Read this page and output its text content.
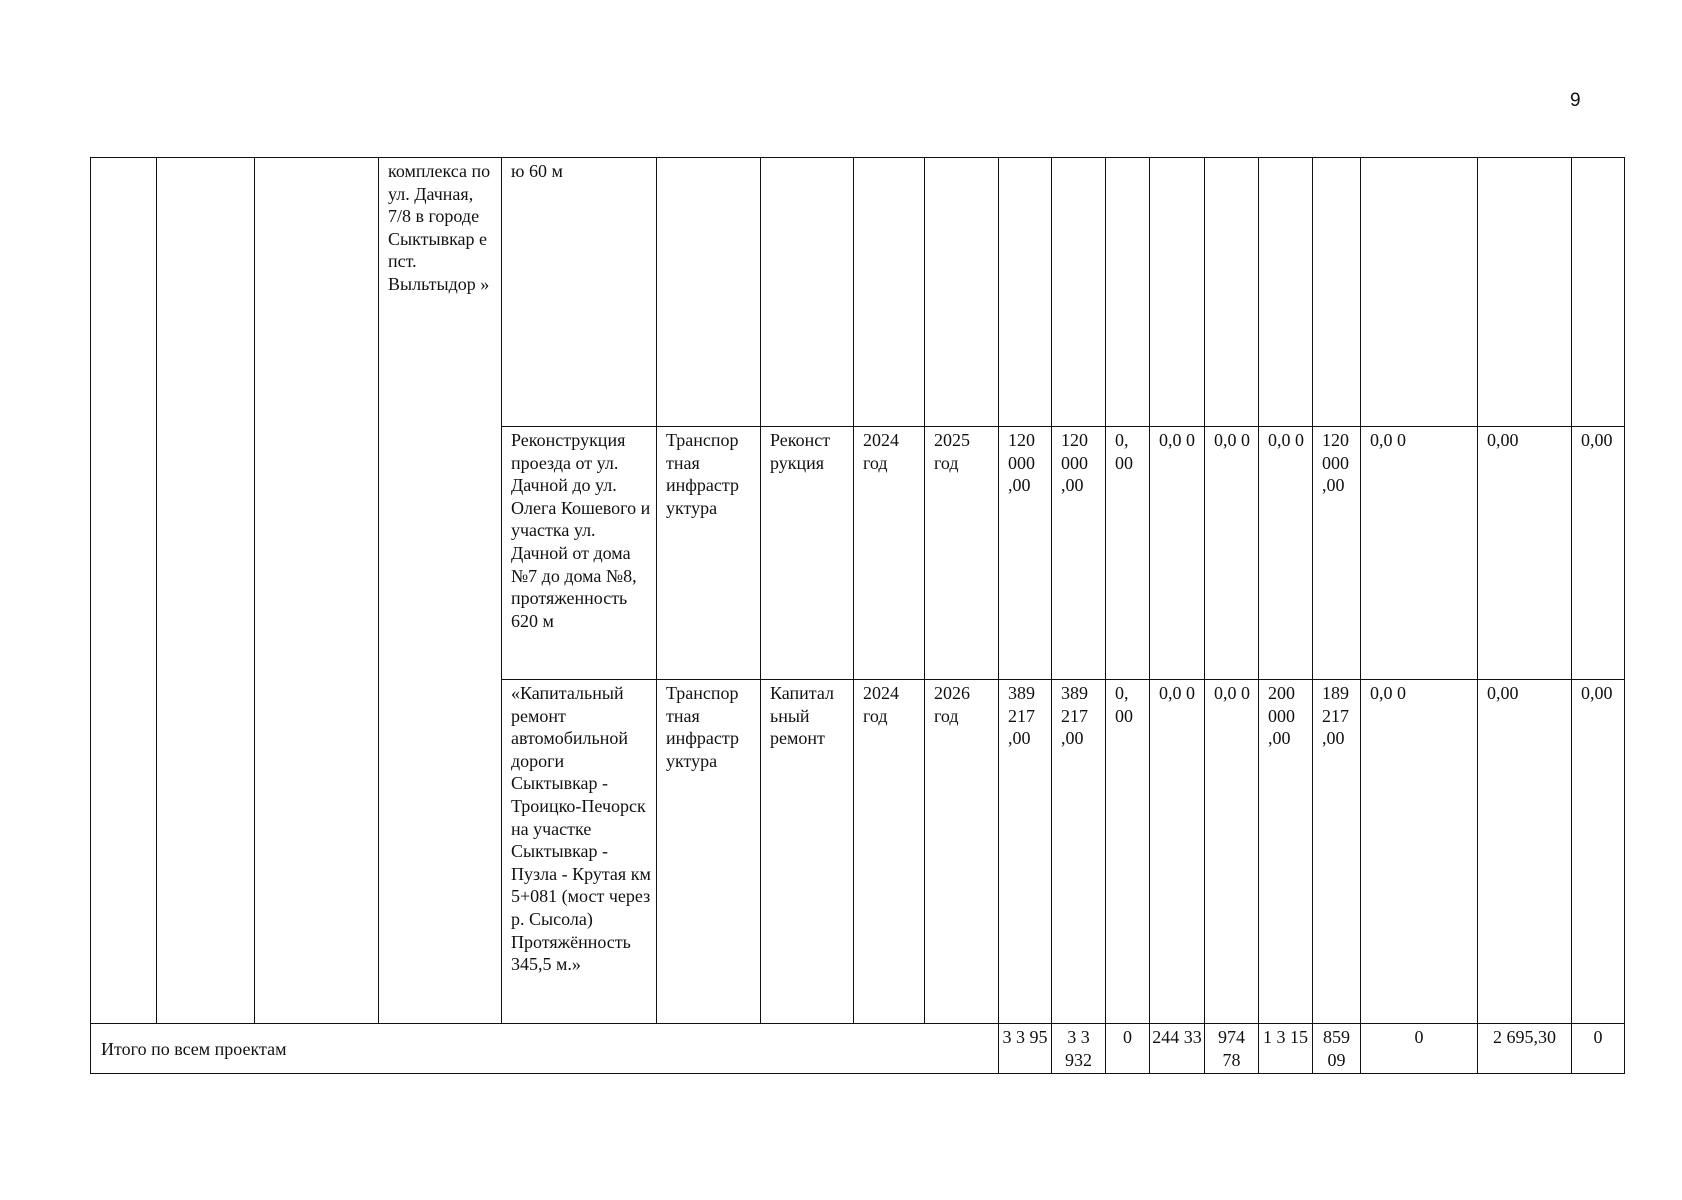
9
			комплекса по ул. Дачная, 7/8 в городе Сыктывкар е пст. Выльтыдор »	ю 60 м														
				Реконструкция проезда от ул. Дачной до ул. Олега Кошевого и участка ул. Дачной от дома №7 до дома №8, протяженность 620 м	Транспор тная инфрастр уктура	Реконст рукция	2024 год	2025 год	120 000 ,00	120 000 ,00	0, 00	0,0 0	0,0 0	0,0 0	120 000 ,00	0,0 0	0,00	0,00
				«Капитальный ремонт автомобильной дороги Сыктывкар - Троицко-Печорск на участке Сыктывкар - Пузла - Крутая км 5+081 (мост через р. Сысола) Протяжённость 345,5 м.»	Транспор тная инфрастр уктура	Капитал ьный ремонт	2024 год	2026 год	389 217 ,00	389 217 ,00	0, 00	0,0 0	0,0 0	200 000 ,00	189 217 ,00	0,0 0	0,00	0,00
Итого по всем проектам									3 3 95	3 3 932	0	244 33	974 78	1 3 15	859 09	0	2 695,30	0
